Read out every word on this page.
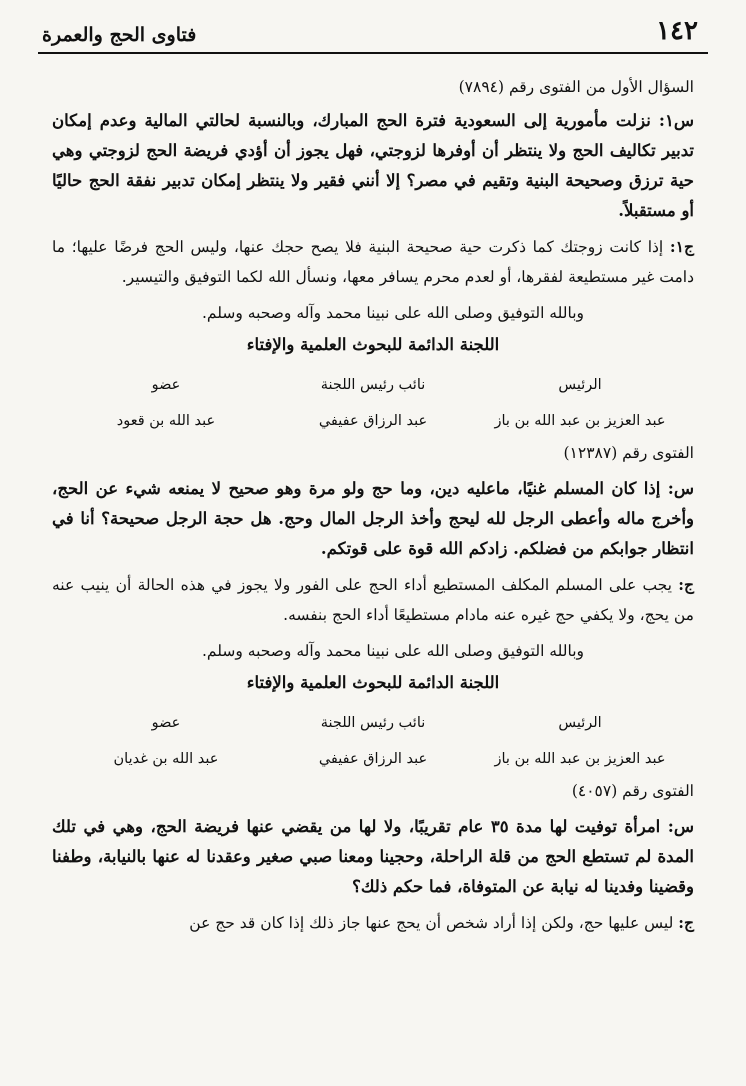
١٤٢
فتاوى الحج والعمرة

السؤال الأول من الفتوى رقم (٧٨٩٤)

س١: نزلت مأمورية إلى السعودية فترة الحج المبارك، وبالنسبة لحالتي المالية وعدم إمكان تدبير تكاليف الحج ولا ينتظر أن أوفرها لزوجتي، فهل يجوز أن أؤدي فريضة الحج لزوجتي وهي حية ترزق وصحيحة البنية وتقيم في مصر؟ إلا أنني فقير ولا ينتظر إمكان تدبير نفقة الحج حاليًا أو مستقبلاً.

ج١: إذا كانت زوجتك كما ذكرت حية صحيحة البنية فلا يصح حجك عنها، وليس الحج فرضًا عليها؛ ما دامت غير مستطيعة لفقرها، أو لعدم محرم يسافر معها، ونسأل الله لكما التوفيق والتيسير.

وبالله التوفيق وصلى الله على نبينا محمد وآله وصحبه وسلم.

اللجنة الدائمة للبحوث العلمية والإفتاء

الرئيس
نائب رئيس اللجنة
عضو
عبد العزيز بن عبد الله بن باز
عبد الرزاق عفيفي
عبد الله بن قعود

الفتوى رقم (١٢٣٨٧)

س: إذا كان المسلم غنيًا، ماعليه دين، وما حج ولو مرة وهو صحيح لا يمنعه شيء عن الحج، وأخرج ماله وأعطى الرجل لله ليحج وأخذ الرجل المال وحج. هل حجة الرجل صحيحة؟ أنا في انتظار جوابكم من فضلكم. زادكم الله قوة على قوتكم.

ج: يجب على المسلم المكلف المستطيع أداء الحج على الفور ولا يجوز في هذه الحالة أن ينيب عنه من يحج، ولا يكفي حج غيره عنه مادام مستطيعًا أداء الحج بنفسه.

وبالله التوفيق وصلى الله على نبينا محمد وآله وصحبه وسلم.

اللجنة الدائمة للبحوث العلمية والإفتاء

الرئيس
نائب رئيس اللجنة
عضو
عبد العزيز بن عبد الله بن باز
عبد الرزاق عفيفي
عبد الله بن غديان

الفتوى رقم (٤٠٥٧)

س: امرأة توفيت لها مدة ٣٥ عام تقريبًا، ولا لها من يقضي عنها فريضة الحج، وهي في تلك المدة لم تستطع الحج من قلة الراحلة، وحجينا ومعنا صبي صغير وعقدنا له عنها بالنيابة، وطفنا وقضينا وفدينا له نيابة عن المتوفاة، فما حكم ذلك؟

ج: ليس عليها حج، ولكن إذا أراد شخص أن يحج عنها جاز ذلك إذا كان قد حج عن
